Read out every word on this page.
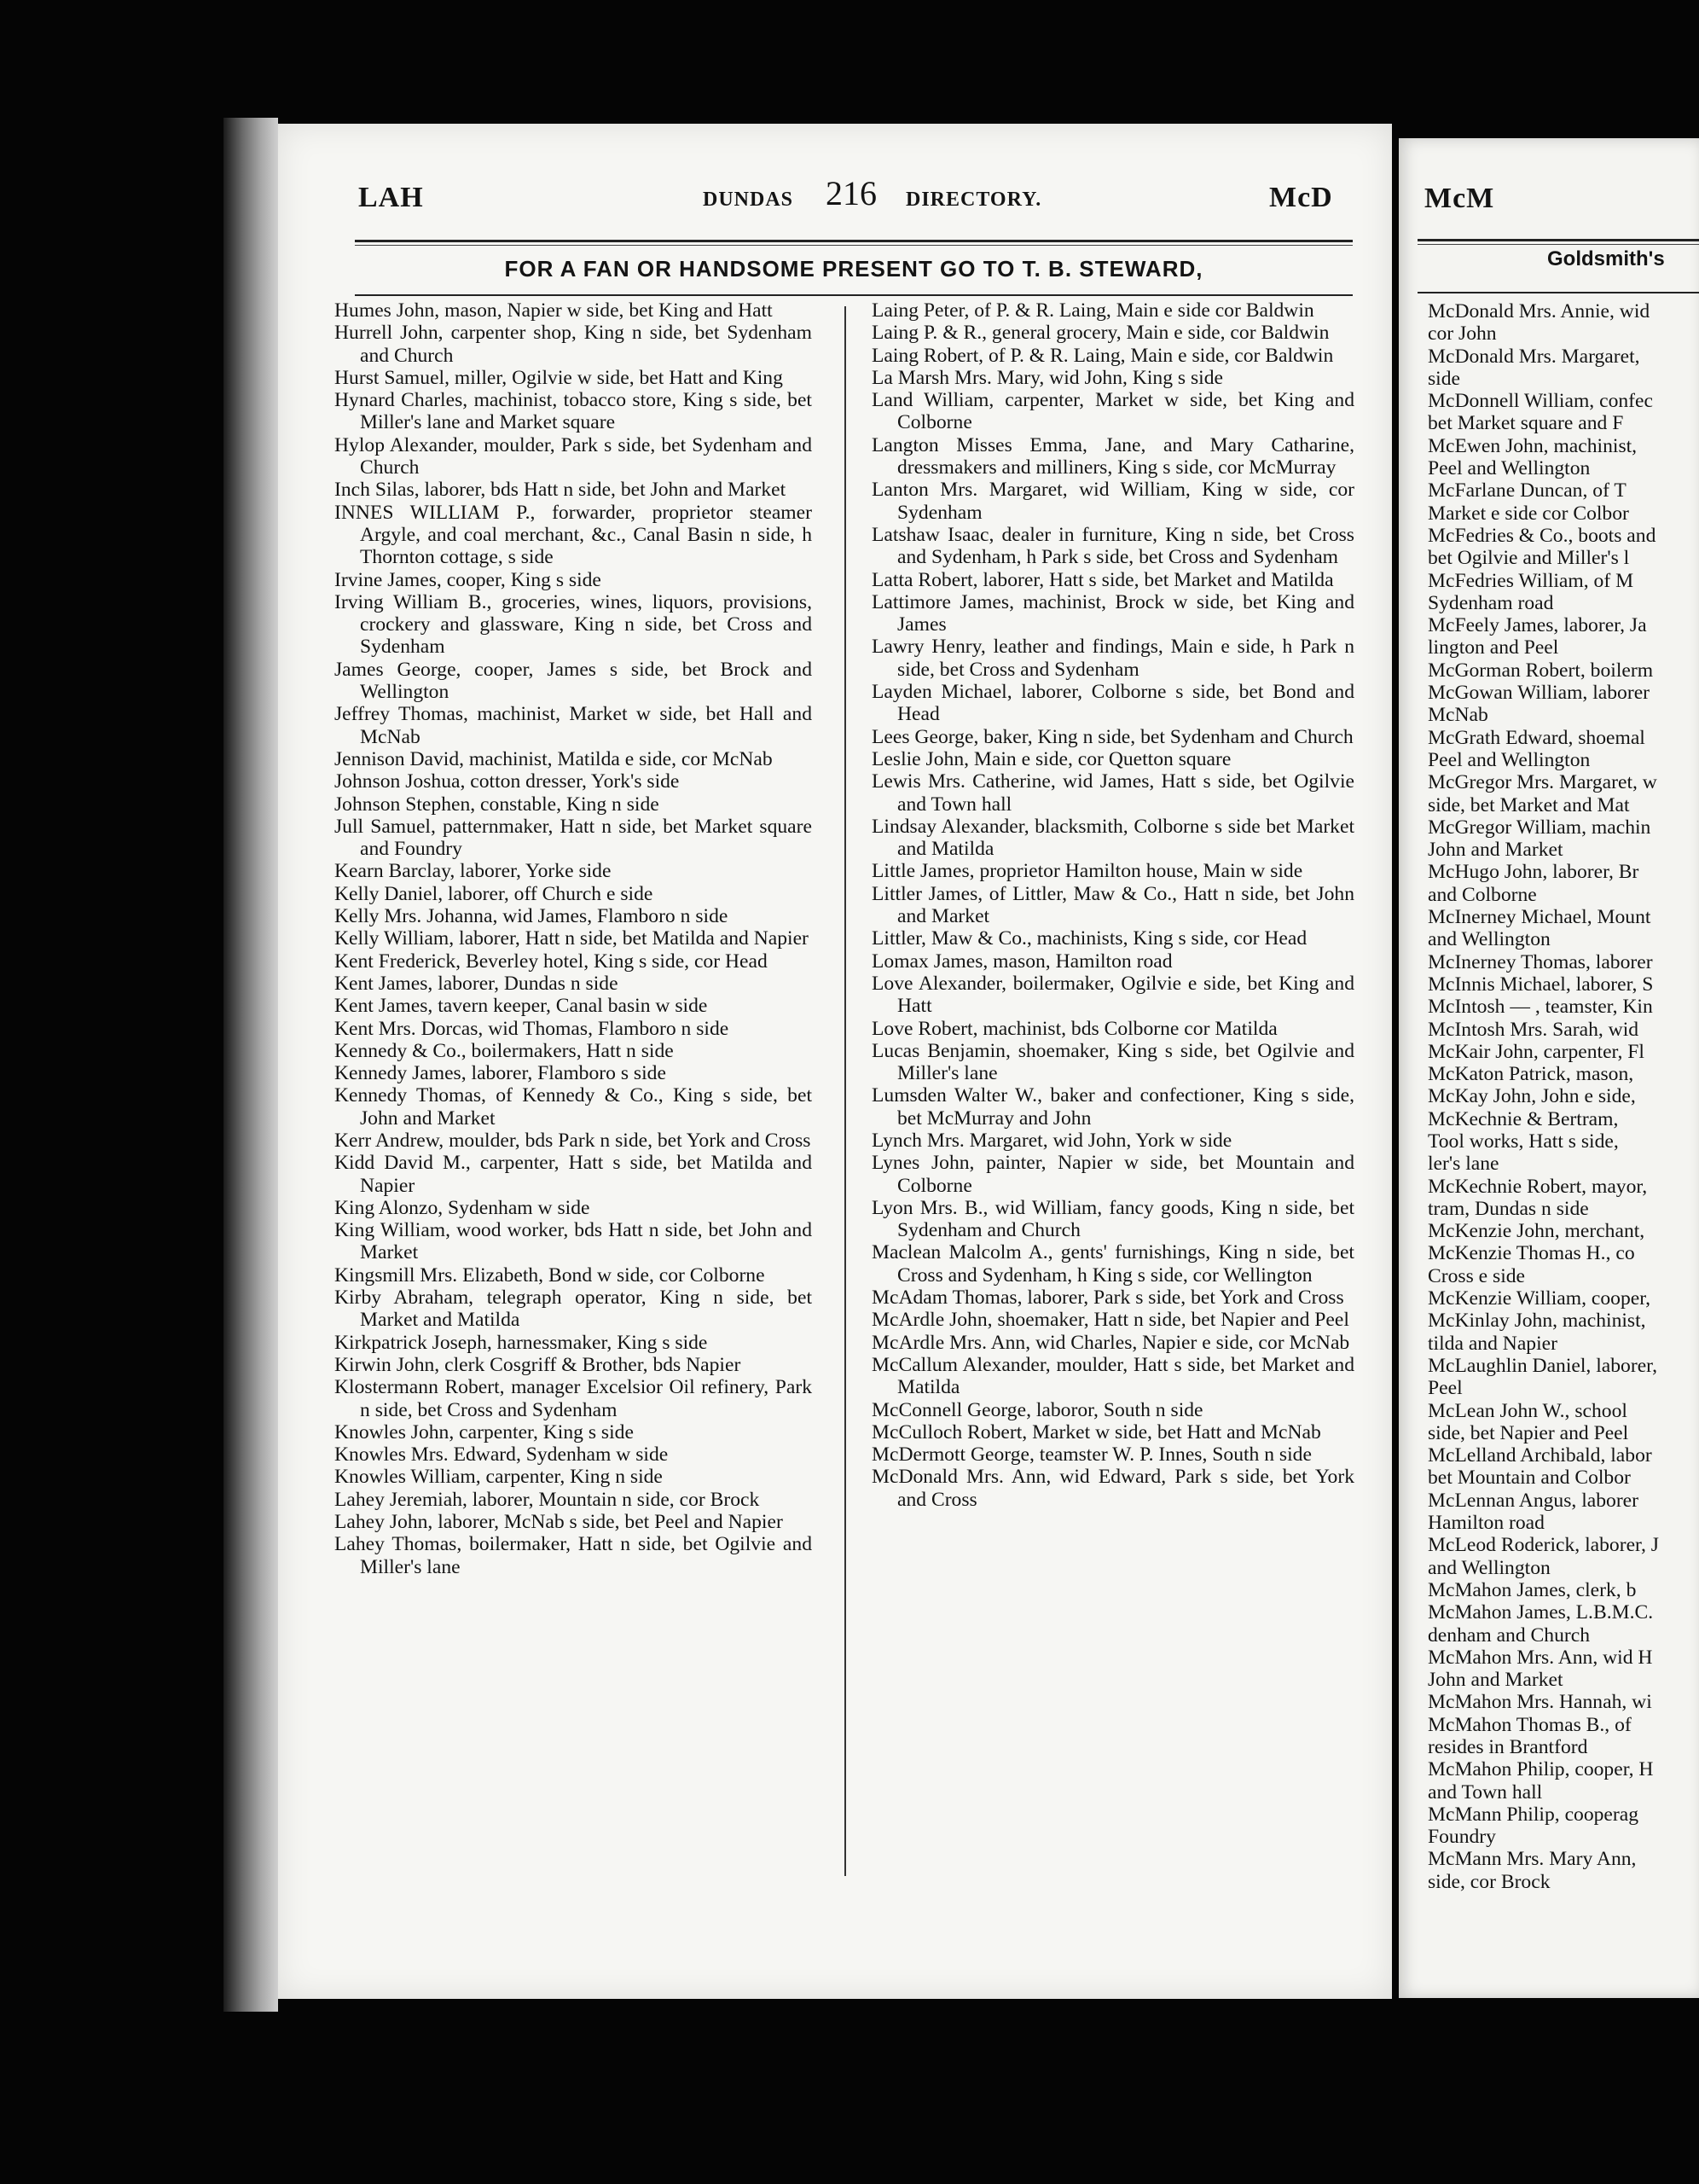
LAH	DUNDAS 216 DIRECTORY.	McD
FOR A FAN OR HANDSOME PRESENT GO TO T. B. STEWARD,
Humes John, mason, Napier w side, bet King and Hatt
Hurrell John, carpenter shop, King n side, bet Sydenham and Church
Hurst Samuel, miller, Ogilvie w side, bet Hatt and King
Hynard Charles, machinist, tobacco store, King s side, bet Miller's lane and Market square
Hylop Alexander, moulder, Park s side, bet Sydenham and Church
Inch Silas, laborer, bds Hatt n side, bet John and Market
INNES WILLIAM P., forwarder, proprietor steamer Argyle, and coal merchant, &c., Canal Basin n side, h Thornton cottage, s side
Irvine James, cooper, King s side
Irving William B., groceries, wines, liquors, provisions, crockery and glassware, King n side, bet Cross and Sydenham
James George, cooper, James s side, bet Brock and Wellington
Jeffrey Thomas, machinist, Market w side, bet Hall and McNab
Jennison David, machinist, Matilda e side, cor McNab
Johnson Joshua, cotton dresser, York's side
Johnson Stephen, constable, King n side
Jull Samuel, patternmaker, Hatt n side, bet Market square and Foundry
Kearn Barclay, laborer, Yorke side
Kelly Daniel, laborer, off Church e side
Kelly Mrs. Johanna, wid James, Flamboro n side
Kelly William, laborer, Hatt n side, bet Matilda and Napier
Kent Frederick, Beverley hotel, King s side, cor Head
Kent James, laborer, Dundas n side
Kent James, tavern keeper, Canal basin w side
Kent Mrs. Dorcas, wid Thomas, Flamboro n side
Kennedy & Co., boilermakers, Hatt n side
Kennedy James, laborer, Flamboro s side
Kennedy Thomas, of Kennedy & Co., King s side, bet John and Market
Kerr Andrew, moulder, bds Park n side, bet York and Cross
Kidd David M., carpenter, Hatt s side, bet Matilda and Napier
King Alonzo, Sydenham w side
King William, wood worker, bds Hatt n side, bet John and Market
Kingsmill Mrs. Elizabeth, Bond w side, cor Colborne
Kirby Abraham, telegraph operator, King n side, bet Market and Matilda
Kirkpatrick Joseph, harnessmaker, King s side
Kirwin John, clerk Cosgriff & Brother, bds Napier
Klostermann Robert, manager Excelsior Oil refinery, Park n side, bet Cross and Sydenham
Knowles John, carpenter, King s side
Knowles Mrs. Edward, Sydenham w side
Knowles William, carpenter, King n side
Lahey Jeremiah, laborer, Mountain n side, cor Brock
Lahey John, laborer, McNab s side, bet Peel and Napier
Lahey Thomas, boilermaker, Hatt n side, bet Ogilvie and Miller's lane
Laing Peter, of P. & R. Laing, Main e side cor Baldwin
Laing P. & R., general grocery, Main e side, cor Baldwin
Laing Robert, of P. & R. Laing, Main e side, cor Baldwin
La Marsh Mrs. Mary, wid John, King s side
Land William, carpenter, Market w side, bet King and Colborne
Langton Misses Emma, Jane, and Mary Catharine, dressmakers and milliners, King s side, cor McMurray
Lanton Mrs. Margaret, wid William, King w side, cor Sydenham
Latshaw Isaac, dealer in furniture, King n side, bet Cross and Sydenham, h Park s side, bet Cross and Sydenham
Latta Robert, laborer, Hatt s side, bet Market and Matilda
Lattimore James, machinist, Brock w side, bet King and James
Lawry Henry, leather and findings, Main e side, h Park n side, bet Cross and Sydenham
Layden Michael, laborer, Colborne s side, bet Bond and Head
Lees George, baker, King n side, bet Sydenham and Church
Leslie John, Main e side, cor Quetton square
Lewis Mrs. Catherine, wid James, Hatt s side, bet Ogilvie and Town hall
Lindsay Alexander, blacksmith, Colborne s side bet Market and Matilda
Little James, proprietor Hamilton house, Main w side
Littler James, of Littler, Maw & Co., Hatt n side, bet John and Market
Littler, Maw & Co., machinists, King s side, cor Head
Lomax James, mason, Hamilton road
Love Alexander, boilermaker, Ogilvie e side, bet King and Hatt
Love Robert, machinist, bds Colborne cor Matilda
Lucas Benjamin, shoemaker, King s side, bet Ogilvie and Miller's lane
Lumsden Walter W., baker and confectioner, King s side, bet McMurray and John
Lynch Mrs. Margaret, wid John, York w side
Lynes John, painter, Napier w side, bet Mountain and Colborne
Lyon Mrs. B., wid William, fancy goods, King n side, bet Sydenham and Church
Maclean Malcolm A., gents' furnishings, King n side, bet Cross and Sydenham, h King s side, cor Wellington
McAdam Thomas, laborer, Park s side, bet York and Cross
McArdle John, shoemaker, Hatt n side, bet Napier and Peel
McArdle Mrs. Ann, wid Charles, Napier e side, cor McNab
McCallum Alexander, moulder, Hatt s side, bet Market and Matilda
McConnell George, laboror, South n side
McCulloch Robert, Market w side, bet Hatt and McNab
McDermott George, teamster W. P. Innes, South n side
McDonald Mrs. Ann, wid Edward, Park s side, bet York and Cross
McM
Goldsmith's
McDonald Mrs. Annie, wid
cor John
McDonald Mrs. Margaret,
side
McDonnell William, confec
bet Market square and F
McEwen John, machinist,
Peel and Wellington
McFarlane Duncan, of T
Market e side cor Colbor
McFedries & Co., boots and
bet Ogilvie and Miller's l
McFedries William, of M
Sydenham road
McFeely James, laborer, Ja
lington and Peel
McGorman Robert, boilerm
McGowan William, laborer
McNab
McGrath Edward, shoemal
Peel and Wellington
McGregor Mrs. Margaret, w
side, bet Market and Mat
McGregor William, machin
John and Market
McHugo John, laborer, Br
and Colborne
McInerney Michael, Mount
and Wellington
McInerney Thomas, laborer
McInnis Michael, laborer, S
McIntosh — , teamster, Kin
McIntosh Mrs. Sarah, wid
McKair John, carpenter, Fl
McKaton Patrick, mason,
McKay John, John e side,
McKechnie & Bertram,
Tool works, Hatt s side,
ler's lane
McKechnie Robert, mayor,
tram, Dundas n side
McKenzie John, merchant,
McKenzie Thomas H., co
Cross e side
McKenzie William, cooper,
McKinlay John, machinist,
tilda and Napier
McLaughlin Daniel, laborer,
Peel
McLean John W., school
side, bet Napier and Peel
McLelland Archibald, labor
bet Mountain and Colbor
McLennan Angus, laborer
Hamilton road
McLeod Roderick, laborer, J
and Wellington
McMahon James, clerk, b
McMahon James, L.B.M.C.
denham and Church
McMahon Mrs. Ann, wid H
John and Market
McMahon Mrs. Hannah, wi
McMahon Thomas B., of
resides in Brantford
McMahon Philip, cooper, H
and Town hall
McMann Philip, cooperag
Foundry
McMann Mrs. Mary Ann,
side, cor Brock
